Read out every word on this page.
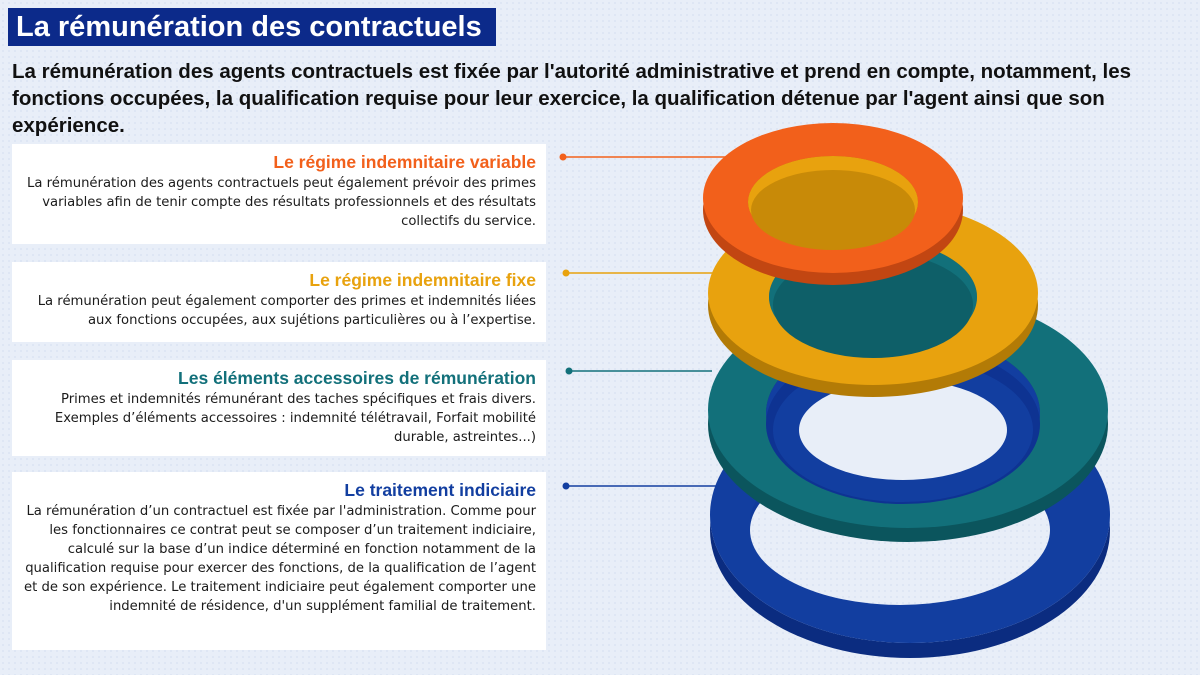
La rémunération des contractuels
La rémunération des agents contractuels est fixée par l'autorité administrative et prend en compte, notamment, les fonctions occupées, la qualification requise pour leur exercice, la qualification détenue par l'agent ainsi que son expérience.
Le régime indemnitaire variable

La rémunération des agents contractuels peut également prévoir des primes variables afin de tenir compte des résultats professionnels et des résultats collectifs du service.

Le régime indemnitaire fixe

La rémunération peut également comporter des primes et indemnités liées aux fonctions occupées, aux sujétions particulières ou à l’expertise.

Les éléments accessoires de rémunération

Primes et indemnités rémunérant des taches spécifiques et frais divers. Exemples d’éléments accessoires : indemnité télétravail, Forfait mobilité durable, astreintes...)

Le traitement indiciaire

La rémunération d’un contractuel est fixée par l'administration. Comme pour les fonctionnaires ce contrat peut se composer d’un traitement indiciaire, calculé sur la base d’un indice déterminé en fonction notamment de la qualification requise pour exercer des fonctions, de la qualification de l’agent et de son expérience. Le traitement indiciaire peut également comporter une indemnité de résidence, d'un supplément familial de traitement.
